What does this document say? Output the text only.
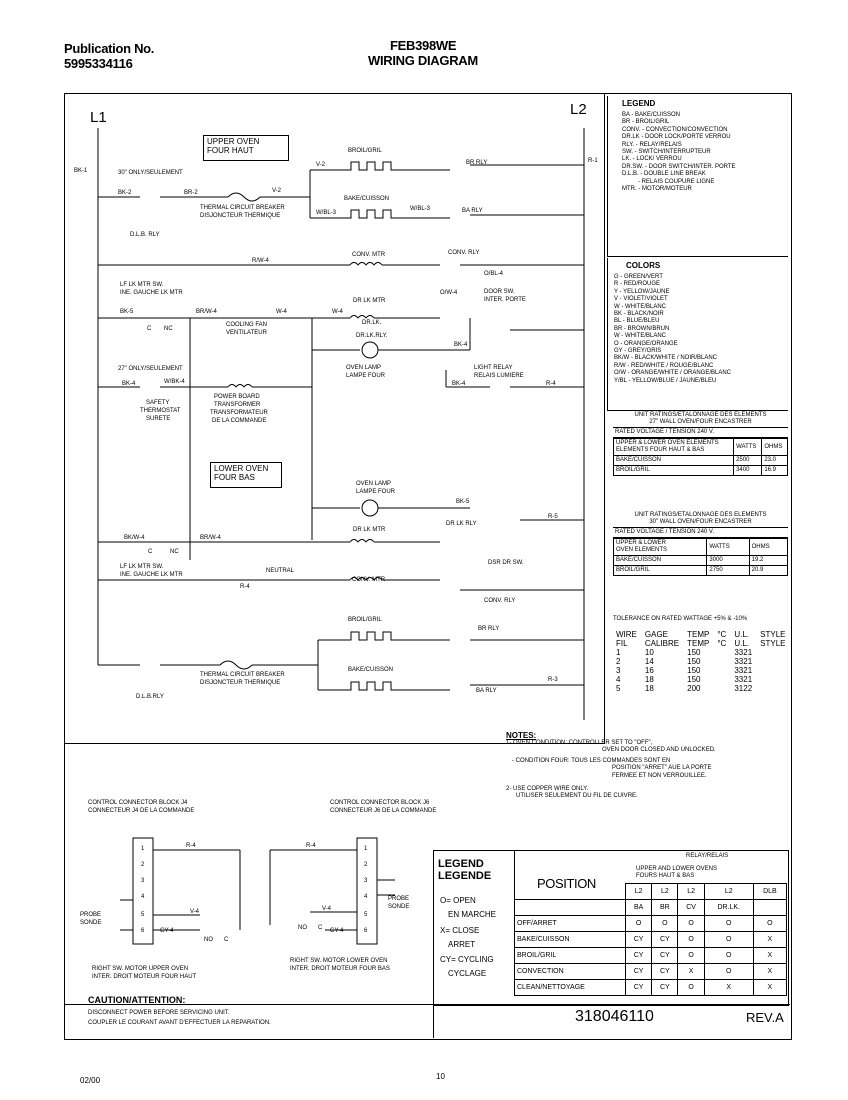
Publication No.
5995334116
FEB398WE
WIRING DIAGRAM
L1	L2
UPPER OVEN
FOUR HAUT
LOWER OVEN
FOUR BAS
BROIL/GRIL
BAKE/CUISSON
BROIL/GRIL
BAKE/CUISSON
THERMAL CIRCUIT BREAKER
DISJONCTEUR THERMIQUE
THERMAL CIRCUIT BREAKER
DISJONCTEUR THERMIQUE
CONV. MTR	CONV. RLY
CONV. MTR
CONV. RLY
DR LK MTR
DR LK MTR
DR LK RLY
DOOR SW.
INTER. PORTE
COOLING FAN
VENTILATEUR
DR.LK.
DR.LK.RLY.
OVEN LAMP
LAMPE FOUR
OVEN LAMP
LAMPE FOUR
LIGHT RELAY
RELAIS LUMIERE
30" ONLY/SEULEMENT
27" ONLY/SEULEMENT
LF LK MTR SW.
INE. GAUCHE LK MTR
LF LK MTR SW.
INE. GAUCHE LK MTR
SAFETY
THERMOSTAT
SURETE
POWER BOARD
TRANSFORMER
TRANSFORMATEUR
DE LA COMMANDE
NEUTRAL
D.L.B. RLY
D.L.B.RLY
DSR DR SW.
BR RLY
BA RLY
BR RLY
BA RLY
BK-1
BK-2	BR-2
V-2
V-2
W/BL-3
W/BL-3
R-1
BK-4
R/W-4
O/W-4
O/BL-4
BR/W-4	W-4	W-4
BK-5
W/BK-4
BK-4	R-4
BK-4
BK-5
R-5
BK/W-4	BR/W-4
R-4
R-3
R-4
V-4
GY-4
R-4
V-4
GY-4
LEGEND
BA - BAKE/CUISSON
BR - BROIL/GRIL
CONV. - CONVECTION/CONVECTION
DR.LK - DOOR LOCK/PORTE VERROU
RLY. - RELAY/RELAIS
SW. - SWITCH/INTERRUPTEUR
LK. - LOCK/ VERROU
DR.SW. - DOOR SWITCH/INTER. PORTE
D.L.B. - DOUBLE LINE BREAK
- RELAIS COUPURE LIGNE
MTR. - MOTOR/MOTEUR
COLORS
G - GREEN/VERT
R - RED/ROUGE
Y - YELLOW/JAUNE
V - VIOLET/VIOLET
W - WHITE/BLANC
BK - BLACK/NOIR
BL - BLUE/BLEU
BR - BROWN/BRUN
W - WHITE/BLANC
O - ORANGE/ORANGE
GY - GREY/GRIS
BK/W - BLACK/WHITE / NOIR/BLANC
R/W - RED/WHITE / ROUGE/BLANC
O/W - ORANGE/WHITE / ORANGE/BLANC
Y/BL - YELLOW/BLUE / JAUNE/BLEU
UNIT RATINGS/ETALONNAGE DES ELEMENTS
27" WALL OVEN/FOUR ENCASTRER
RATED VOLTAGE / TENSION 240 V.
UPPER & LOWER OVEN ELEMENTS
ELEMENTS FOUR HAUT & BAS	WATTS	OHMS
BAKE/CUISSON	2500	23.0
BROIL/GRIL	3400	16.9
UNIT RATINGS/ETALONNAGE DES ELEMENTS
30" WALL OVEN/FOUR ENCASTRER
RATED VOLTAGE / TENSION 240 V.
UPPER & LOWER
OVEN ELEMENTS	WATTS	OHMS
BAKE/CUISSON	3000	19.2
BROIL/GRIL	2750	20.9
TOLERANCE ON RATED WATTAGE +5% & -10%
WIRE	GAGE	TEMP	°C	U.L.	STYLE
FIL	CALIBRE	TEMP	°C	U.L.	STYLE
1	10	150		3321	
2	14	150		3321	
3	16	150		3321	
4	18	150		3321	
5	18	200		3122	
NOTES:
1- OVEN CONDITION: CONTROLLER SET TO "OFF",
OVEN DOOR CLOSED AND UNLOCKED.
- CONDITION FOUR: TOUS LES COMMANDES SONT EN
POSITION "ARRET" AUE LA PORTE
FERMEE ET NON VERROUILLEE.
2- USE COPPER WIRE ONLY.
UTILISER SEULEMENT DU FIL DE CUIVRE.
CONTROL CONNECTOR BLOCK J4
CONNECTEUR J4 DE LA COMMANDE
CONTROL CONNECTOR BLOCK J6
CONNECTEUR J6 DE LA COMMANDE
1
2
3
4
5
6
1
2
3
4
5
6
PROBE
SONDE
PROBE
SONDE
NO C
NO C
C NC
C	NC
RIGHT SW. MOTOR UPPER OVEN
INTER. DROIT MOTEUR FOUR HAUT
RIGHT SW. MOTOR LOWER OVEN
INTER. DROIT MOTEUR FOUR BAS
LEGEND
LEGENDE
O= OPEN
EN MARCHE
X= CLOSE
ARRET
CY= CYCLING
CYCLAGE
POSITION
RELAY/RELAIS
UPPER AND LOWER OVENS
FOURS HAUT & BAS
	L2	L2	L2	L2	DLB
	BA	BR	CV	DR.LK.	
OFF/ARRET	O	O	O	O	O
BAKE/CUISSON	CY	CY	O	O	X
BROIL/GRIL	CY	CY	O	O	X
CONVECTION	CY	CY	X	O	X
CLEAN/NETTOYAGE	CY	CY	O	X	X
318046110	REV.A
CAUTION/ATTENTION:
DISCONNECT POWER BEFORE SERVICING UNIT.
COUPLER LE COURANT AVANT D'EFFECTUER LA REPARATION.
02/00	10
